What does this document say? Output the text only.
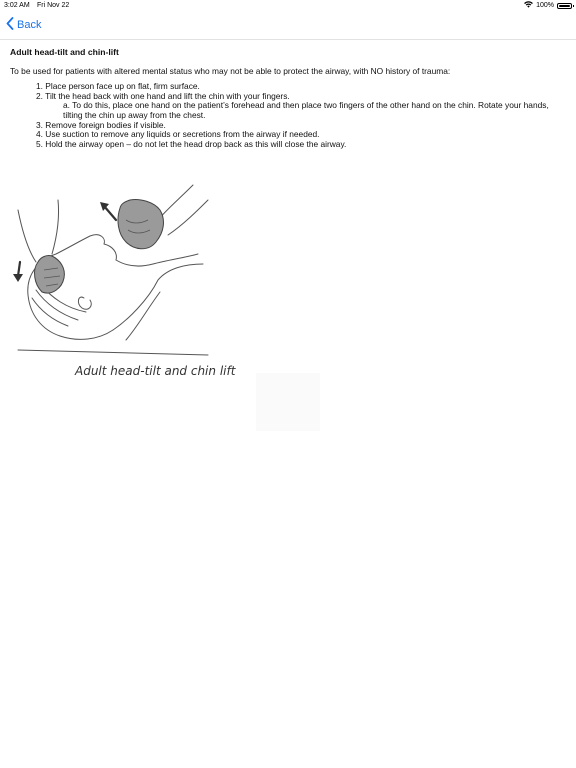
3:02 AM Fri Nov 22	100%
Back

Adult head-tilt and chin-lift

To be used for patients with altered mental status who may not be able to protect the airway, with NO history of trauma:

1. Place person face up on flat, firm surface.
2. Tilt the head back with one hand and lift the chin with your fingers.
a. To do this, place one hand on the patient’s forehead and then place two fingers of the other hand on the chin. Rotate your hands, tilting the chin up away from the chest.
3. Remove foreign bodies if visible.
4. Use suction to remove any liquids or secretions from the airway if needed.
5. Hold the airway open – do not let the head drop back as this will close the airway.
Adult head-tilt and chin lift
